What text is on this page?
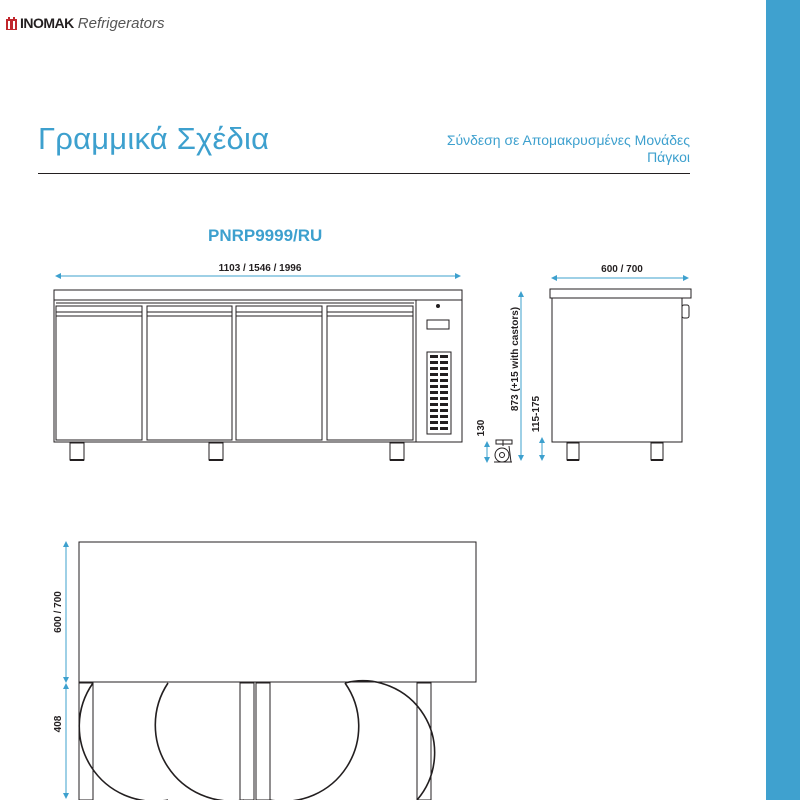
INOMAK Refrigerators
Γραμμικά Σχέδια	Σύνδεση σε Απομακρυσμένες Μονάδες
Πάγκοι
PNRP9999/RU
1103 / 1546 / 1996
130
873 (+15 with castors)
115-175
600 / 700
600 / 700
408
